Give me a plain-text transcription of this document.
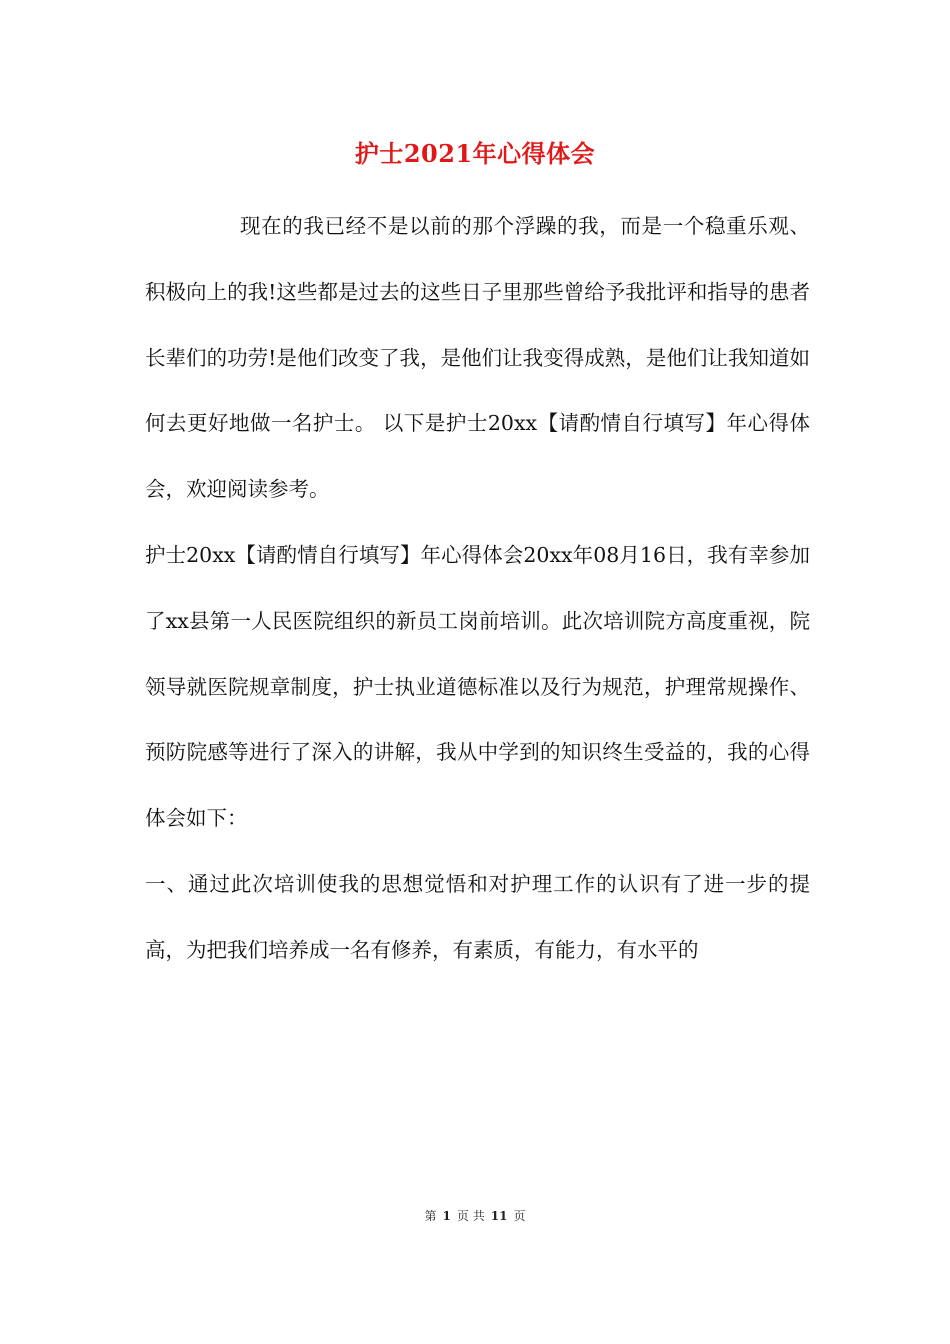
护士2021年心得体会

现在的我已经不是以前的那个浮躁的我，而是一个稳重乐观、积极向上的我!这些都是过去的这些日子里那些曾给予我批评和指导的患者长辈们的功劳!是他们改变了我，是他们让我变得成熟，是他们让我知道如何去更好地做一名护士。 以下是护士20xx【请酌情自行填写】年心得体会，欢迎阅读参考。

护士20xx【请酌情自行填写】年心得体会20xx年08月16日，我有幸参加了xx县第一人民医院组织的新员工岗前培训。此次培训院方高度重视，院领导就医院规章制度，护士执业道德标准以及行为规范，护理常规操作、预防院感等进行了深入的讲解，我从中学到的知识终生受益的，我的心得体会如下：

一、通过此次培训使我的思想觉悟和对护理工作的认识有了进一步的提高，为把我们培养成一名有修养，有素质，有能力，有水平的

第 1 页 共 11 页
